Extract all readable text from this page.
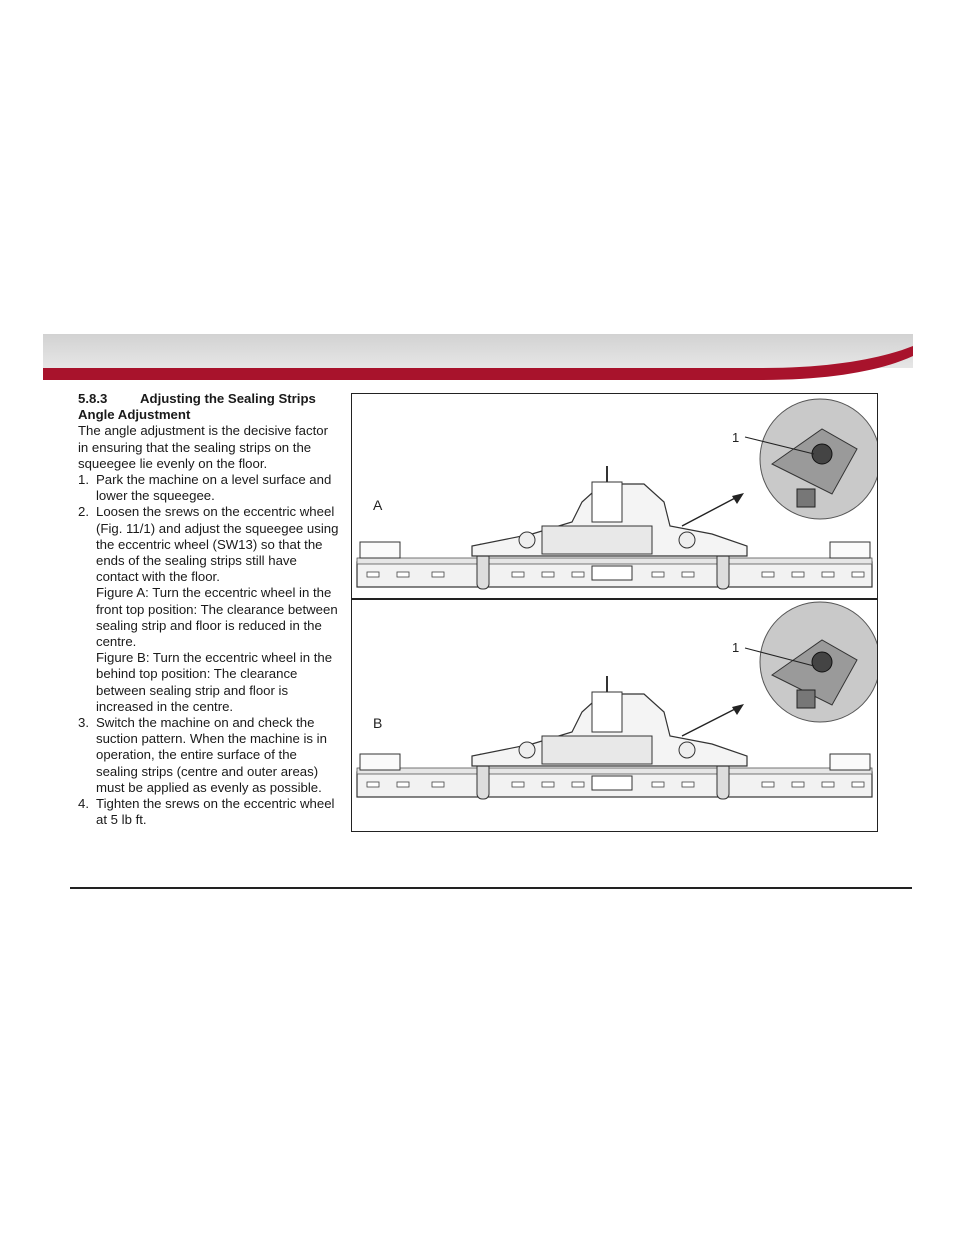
5.8.3	Adjusting the Sealing Strips
Angle Adjustment

The angle adjustment is the decisive factor in ensuring that the sealing strips on the squeegee lie evenly on the floor.

1. Park the machine on a level surface and lower the squeegee.
2. Loosen the srews on the eccentric wheel (Fig. 11/1) and adjust the squeegee using the eccentric wheel (SW13) so that the ends of the sealing strips still have contact with the floor.
Figure A: Turn the eccentric wheel in the front top position: The clearance between sealing strip and floor is reduced in the centre.
Figure B: Turn the eccentric wheel in the behind top position: The clearance between sealing strip and floor is increased in the centre.
3. Switch the machine on and check the suction pattern. When the machine is in operation, the entire surface of the sealing strips (centre and outer areas) must be applied as evenly as possible.
4. Tighten the srews on the eccentric wheel at 5 lb ft.
A
1
B
1
